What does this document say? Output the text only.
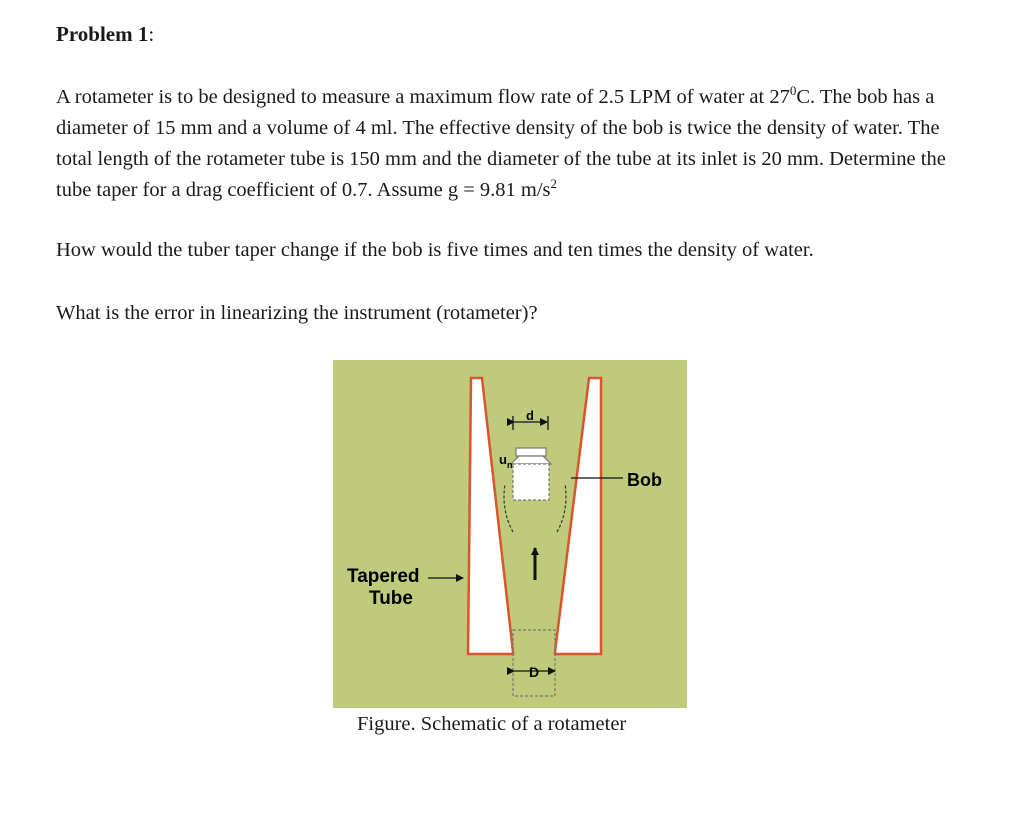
Problem 1:
A rotameter is to be designed to measure a maximum flow rate of 2.5 LPM of water at $27^0C$. The bob has a diameter of 15 mm and a volume of 4 ml. The effective density of the bob is twice the density of water. The total length of the rotameter tube is 150 mm and the diameter of the tube at its inlet is 20 mm. Determine the tube taper for a drag coefficient of 0.7. Assume g = 9.81 $m/s^2$
How would the tuber taper change if the bob is five times and ten times the density of water.
What is the error in linearizing the instrument (rotameter)?
d
u n
Bob
Tapered
Tube
D
Figure. Schematic of a rotameter
